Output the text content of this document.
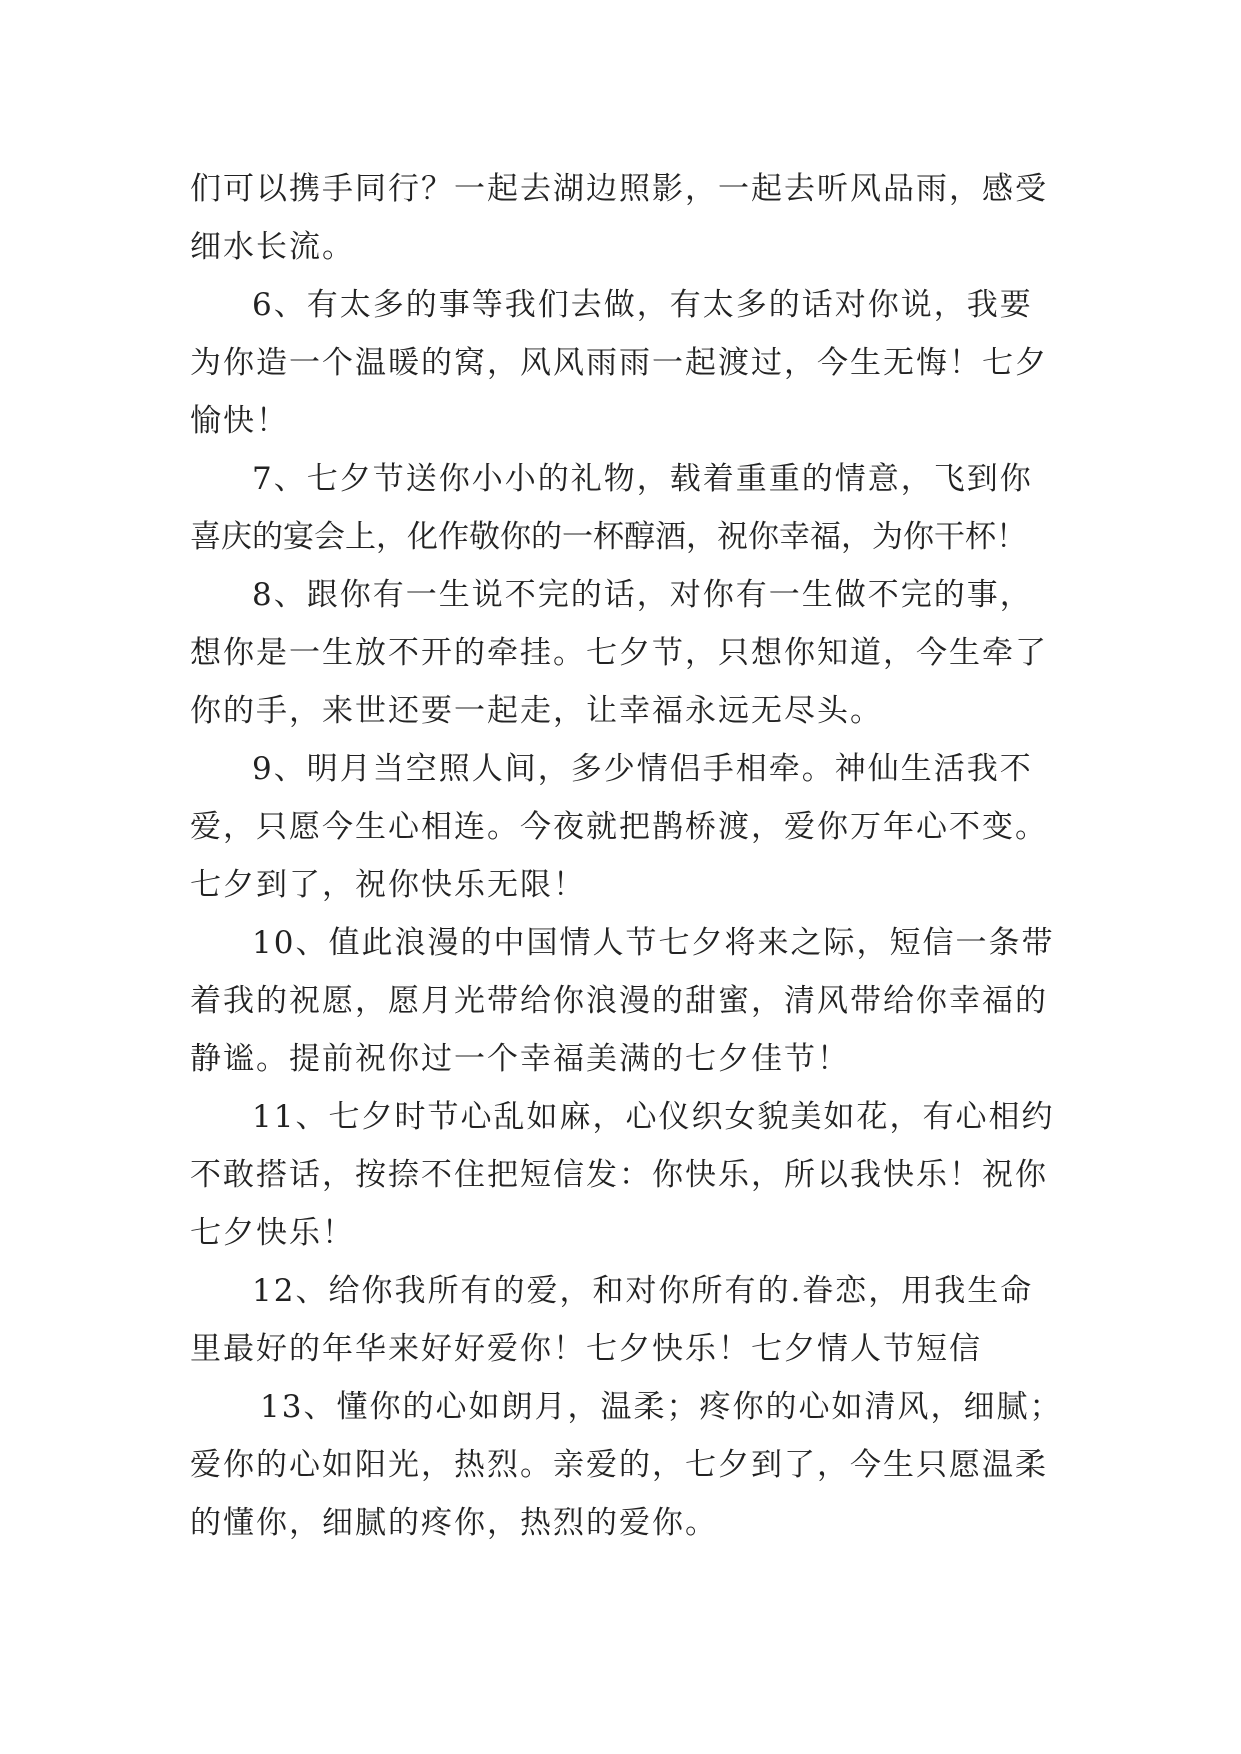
们可以携手同行？一起去湖边照影，一起去听风品雨，感受
细水长流。
6、有太多的事等我们去做，有太多的话对你说，我要
为你造一个温暖的窝，风风雨雨一起渡过，今生无悔！七夕
愉快！
7、七夕节送你小小的礼物，载着重重的情意，飞到你
喜庆的宴会上，化作敬你的一杯醇酒，祝你幸福，为你干杯！
8、跟你有一生说不完的话，对你有一生做不完的事，
想你是一生放不开的牵挂。七夕节，只想你知道，今生牵了
你的手，来世还要一起走，让幸福永远无尽头。
9、明月当空照人间，多少情侣手相牵。神仙生活我不
爱，只愿今生心相连。今夜就把鹊桥渡，爱你万年心不变。
七夕到了，祝你快乐无限！
10、值此浪漫的中国情人节七夕将来之际，短信一条带
着我的祝愿，愿月光带给你浪漫的甜蜜，清风带给你幸福的
静谧。提前祝你过一个幸福美满的七夕佳节！
11、七夕时节心乱如麻，心仪织女貌美如花，有心相约
不敢搭话，按捺不住把短信发：你快乐，所以我快乐！祝你
七夕快乐！
12、给你我所有的爱，和对你所有的.眷恋，用我生命
里最好的年华来好好爱你！七夕快乐！七夕情人节短信
13、懂你的心如朗月，温柔；疼你的心如清风，细腻；
爱你的心如阳光，热烈。亲爱的，七夕到了，今生只愿温柔
的懂你，细腻的疼你，热烈的爱你。
